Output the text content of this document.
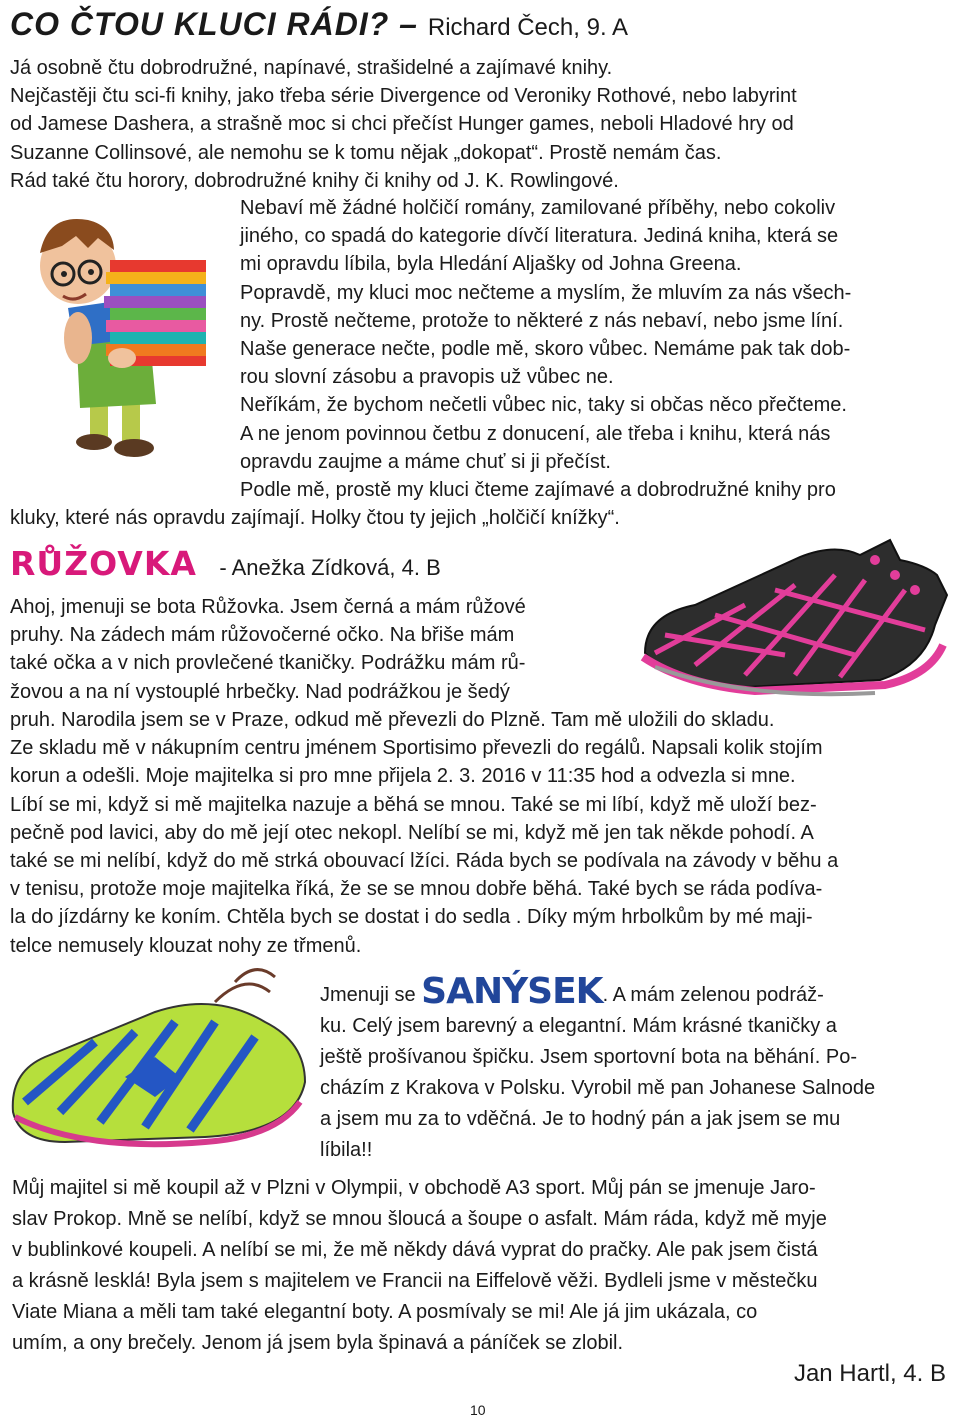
CO ČTOU KLUCI RÁDI? – Richard Čech, 9. A
Já osobně čtu dobrodružné, napínavé, strašidelné a zajímavé knihy.
Nejčastěji čtu sci-fi knihy, jako třeba série Divergence od Veroniky Rothové, nebo labyrint
od Jamese Dashera, a strašně moc si chci přečíst Hunger games, neboli Hladové hry od
Suzanne Collinsové, ale nemohu se k tomu nějak „dokopat“. Prostě nemám čas.
Rád také čtu horory, dobrodružné knihy či knihy od J. K. Rowlingové.
Nebaví mě žádné holčičí romány, zamilované příběhy, nebo cokoliv
jiného, co spadá do kategorie dívčí literatura. Jediná kniha, která se
mi opravdu líbila, byla Hledání Aljašky od Johna Greena.
Popravdě, my kluci moc nečteme a myslím, že mluvím za nás všech-
ny. Prostě nečteme, protože to některé z nás nebaví, nebo jsme líní.
Naše generace nečte, podle mě, skoro vůbec. Nemáme pak tak dob-
rou slovní zásobu a pravopis už vůbec ne.
Neříkám, že bychom nečetli vůbec nic, taky si občas něco přečteme.
A ne jenom povinnou četbu z donucení, ale třeba i knihu, která nás
opravdu zaujme a máme chuť si ji přečíst.
Podle mě, prostě my kluci čteme zajímavé a dobrodružné knihy pro
kluky, které nás opravdu zajímají. Holky čtou ty jejich „holčičí knížky“.
RŮŽOVKA - Anežka Zídková, 4. B
Ahoj, jmenuji se bota Růžovka. Jsem černá a mám růžové
pruhy. Na zádech mám růžovočerné očko. Na břiše mám
také očka a v nich provlečené tkaničky. Podrážku mám rů-
žovou a na ní vystouplé hrbečky. Nad podrážkou je šedý
pruh. Narodila jsem se v Praze, odkud mě převezli do Plzně. Tam mě uložili do skladu.
Ze skladu mě v nákupním centru jménem Sportisimo převezli do regálů. Napsali kolik stojím
korun a odešli. Moje majitelka si pro mne přijela 2. 3. 2016 v 11:35 hod a odvezla si mne.
Líbí se mi, když si mě majitelka nazuje a běhá se mnou. Také se mi líbí, když mě uloží bez-
pečně pod lavici, aby do mě její otec nekopl. Nelíbí se mi, když mě jen tak někde pohodí. A
také se mi nelíbí, když do mě strká obouvací lžíci. Ráda bych se podívala na závody v běhu a
v tenisu, protože moje majitelka říká, že se se mnou dobře běhá. Také bych se ráda podíva-
la do jízdárny ke koním. Chtěla bych se dostat i do sedla . Díky mým hrbolkům by mé maji-
telce nemusely klouzat nohy ze třmenů.
Jmenuji se SANÝSEK. A mám zelenou podráž-
ku. Celý jsem barevný a elegantní. Mám krásné tkaničky a
ještě prošívanou špičku. Jsem sportovní bota na běhání. Po-
cházím z Krakova v Polsku. Vyrobil mě pan Johanese Salnode
a jsem mu za to vděčná. Je to hodný pán a jak jsem se mu
líbila!!
Můj majitel si mě koupil až v Plzni v Olympii, v obchodě A3 sport. Můj pán se jmenuje Jaro-
slav Prokop. Mně se nelíbí, když se mnou šloucá a šoupe o asfalt. Mám ráda, když mě myje
v bublinkové koupeli. A nelíbí se mi, že mě někdy dává vyprat do pračky. Ale pak jsem čistá
a krásně lesklá! Byla jsem s majitelem ve Francii na Eiffelově věži. Bydleli jsme v městečku
Viate Miana a měli tam také elegantní boty. A posmívaly se mi! Ale já jim ukázala, co
umím, a ony brečely. Jenom já jsem byla špinavá a páníček se zlobil.
Jan Hartl, 4. B
10
